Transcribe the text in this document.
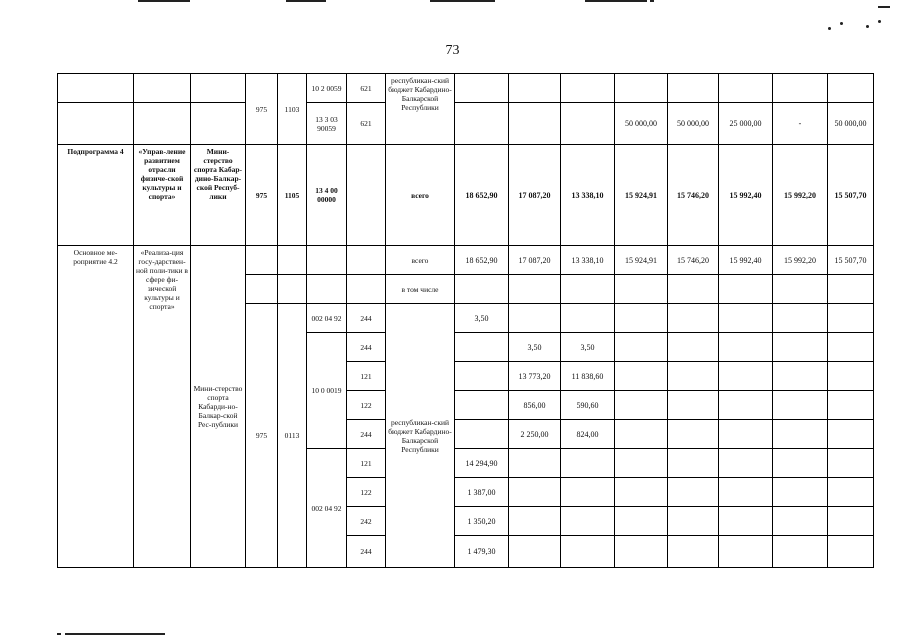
73
			975	1103	10 2 0059	621	республикан-ский бюджет Кабардино-Балкарской Республики								
					13 3 03 90059	621					50 000,00	50 000,00	25 000,00	-	50 000,00
Подпрограмма 4	«Управ-ление развитием отрасли физиче-ской культуры и спорта»	Мини-стерство спорта Кабар-дино-Балкар-ской Респуб-лики	975	1105	13 4 00 00000		всего	18 652,90	17 087,20	13 338,10	15 924,91	15 746,20	15 992,40	15 992,20	15 507,70
Основное ме-роприятие 4.2	«Реализа-ция госу-дарствен-ной поли-тики в сфере фи-зической культуры и спорта»	Мини-стерство спорта Кабарди-но-Балкар-ской Рес-публики					всего	18 652,90	17 087,20	13 338,10	15 924,91	15 746,20	15 992,40	15 992,20	15 507,70
							в том числе								
			975	0113	002 04 92	244	республикан-ский бюджет Кабардино-Балкарской Республики	3,50							
					10 0 0019	244			3,50	3,50					
						121			13 773,20	11 838,60					
						122			856,00	590,60					
						244			2 250,00	824,00					
					002 04 92	121		14 294,90							
						122		1 387,00							
						242		1 350,20							
						244		1 479,30							
